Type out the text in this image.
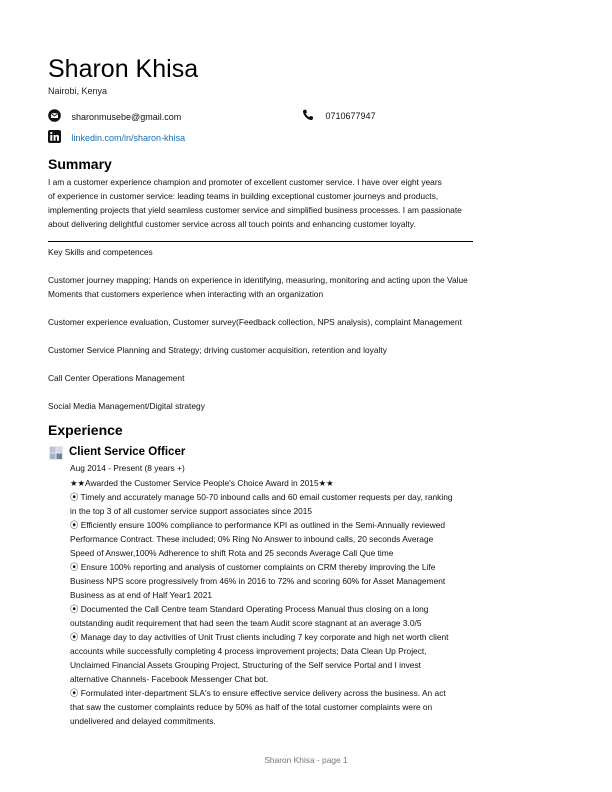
Sharon Khisa
Nairobi, Kenya
sharonmusebe@gmail.com	0710677947
linkedin.com/in/sharon-khisa
Summary
I am a customer experience champion and promoter of excellent customer service. I have over eight years
of experience in customer service: leading teams in building exceptional customer journeys and products,
implementing projects that yield seamless customer service and simplified business processes. I am passionate
about delivering delightful customer service across all touch points and enhancing customer loyalty.
Key Skills and competences
Customer journey mapping; Hands on experience in identifying, measuring, monitoring and acting upon the Value
Moments that customers experience when interacting with an organization
Customer experience evaluation, Customer survey(Feedback collection, NPS analysis), complaint Management
Customer Service Planning and Strategy; driving customer acquisition, retention and loyalty
Call Center Operations Management
Social Media Management/Digital strategy
Experience
Client Service Officer
Aug 2014 - Present (8 years +)
★★Awarded the Customer Service People's Choice Award in 2015★★
⦿ Timely and accurately manage 50-70 inbound calls and 60 email customer requests per day, ranking
in the top 3 of all customer service support associates since 2015
⦿ Efficiently ensure 100% compliance to performance KPI as outlined in the Semi-Annually reviewed
Performance Contract. These included; 0% Ring No Answer to inbound calls, 20 seconds Average
Speed of Answer,100% Adherence to shift Rota and 25 seconds Average Call Que time
⦿ Ensure 100% reporting and analysis of customer complaints on CRM thereby improving the Life
Business NPS score progressively from 46% in 2016 to 72% and scoring 60% for Asset Management
Business as at end of Half Year1 2021
⦿ Documented the Call Centre team Standard Operating Process Manual thus closing on a long
outstanding audit requirement that had seen the team Audit score stagnant at an average 3.0/5
⦿ Manage day to day activities of Unit Trust clients including 7 key corporate and high net worth client
accounts while successfully completing 4 process improvement projects; Data Clean Up Project,
Unclaimed Financial Assets Grouping Project, Structuring of the Self service Portal and I invest
alternative Channels- Facebook Messenger Chat bot.
⦿ Formulated inter-department SLA's to ensure effective service delivery across the business. An act
that saw the customer complaints reduce by 50% as half of the total customer complaints were on
undelivered and delayed commitments.
Sharon Khisa - page 1
